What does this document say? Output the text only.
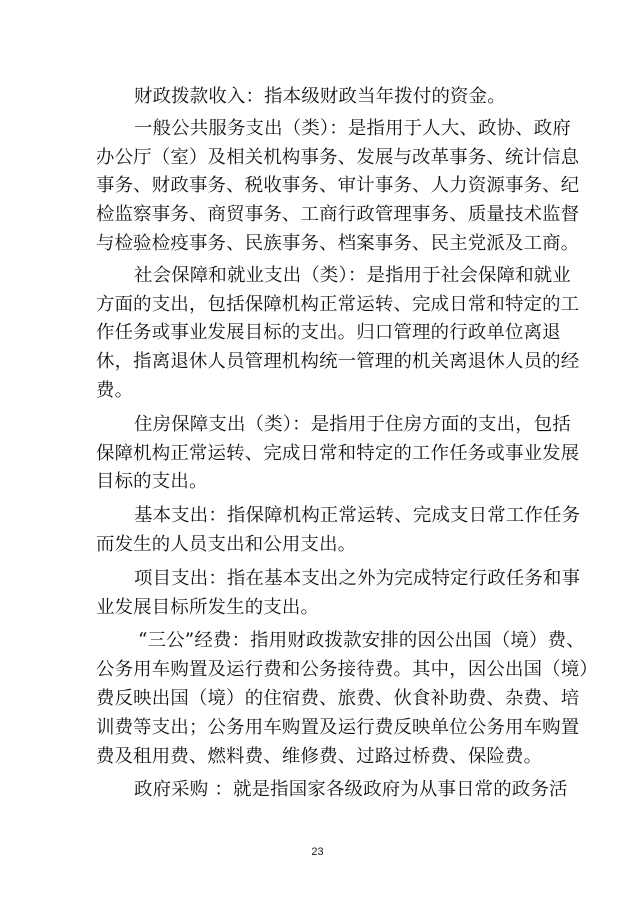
财政拨款收入：指本级财政当年拨付的资金。
一般公共服务支出（类）：是指用于人大、政协、政府
办公厅（室）及相关机构事务、发展与改革事务、统计信息
事务、财政事务、税收事务、审计事务、人力资源事务、纪
检监察事务、商贸事务、工商行政管理事务、质量技术监督
与检验检疫事务、民族事务、档案事务、民主党派及工商。
社会保障和就业支出（类）：是指用于社会保障和就业
方面的支出，包括保障机构正常运转、完成日常和特定的工
作任务或事业发展目标的支出。归口管理的行政单位离退
休，指离退休人员管理机构统一管理的机关离退休人员的经
费。
住房保障支出（类）：是指用于住房方面的支出，包括
保障机构正常运转、完成日常和特定的工作任务或事业发展
目标的支出。
基本支出：指保障机构正常运转、完成支日常工作任务
而发生的人员支出和公用支出。
项目支出：指在基本支出之外为完成特定行政任务和事
业发展目标所发生的支出。
“三公”经费：指用财政拨款安排的因公出国（境）费、
公务用车购置及运行费和公务接待费。其中，因公出国（境）
费反映出国（境）的住宿费、旅费、伙食补助费、杂费、培
训费等支出；公务用车购置及运行费反映单位公务用车购置
费及租用费、燃料费、维修费、过路过桥费、保险费。
政府采购 ：就是指国家各级政府为从事日常的政务活
23
